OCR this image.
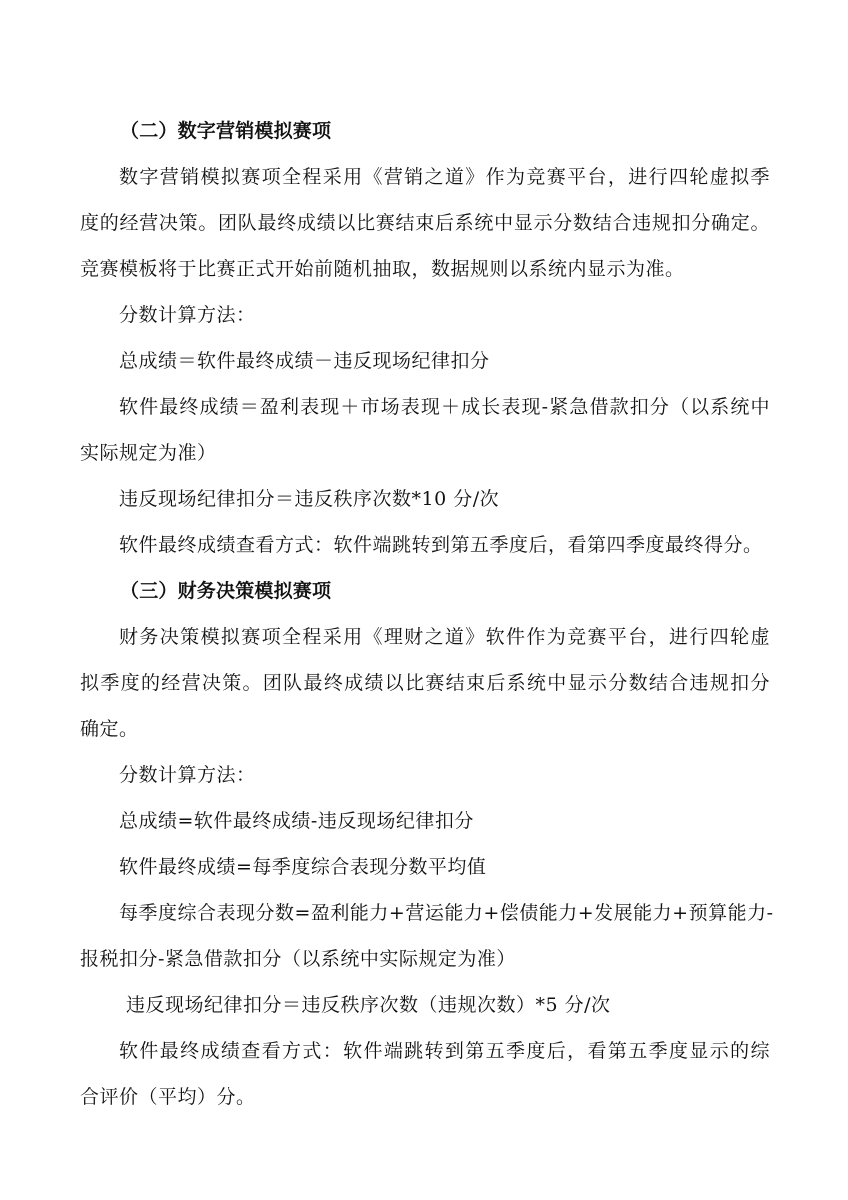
（二）数字营销模拟赛项
数字营销模拟赛项全程采用《营销之道》作为竞赛平台，进行四轮虚拟季
度的经营决策。团队最终成绩以比赛结束后系统中显示分数结合违规扣分确定。
竞赛模板将于比赛正式开始前随机抽取，数据规则以系统内显示为准。
分数计算方法：
总成绩＝软件最终成绩－违反现场纪律扣分
软件最终成绩＝盈利表现＋市场表现＋成长表现-紧急借款扣分（以系统中
实际规定为准）
违反现场纪律扣分＝违反秩序次数*10 分/次
软件最终成绩查看方式：软件端跳转到第五季度后，看第四季度最终得分。
（三）财务决策模拟赛项
财务决策模拟赛项全程采用《理财之道》软件作为竞赛平台，进行四轮虚
拟季度的经营决策。团队最终成绩以比赛结束后系统中显示分数结合违规扣分
确定。
分数计算方法：
总成绩=软件最终成绩-违反现场纪律扣分
软件最终成绩=每季度综合表现分数平均值
每季度综合表现分数=盈利能力+营运能力+偿债能力+发展能力+预算能力-
报税扣分-紧急借款扣分（以系统中实际规定为准）
违反现场纪律扣分＝违反秩序次数（违规次数）*5 分/次
软件最终成绩查看方式：软件端跳转到第五季度后，看第五季度显示的综
合评价（平均）分。
